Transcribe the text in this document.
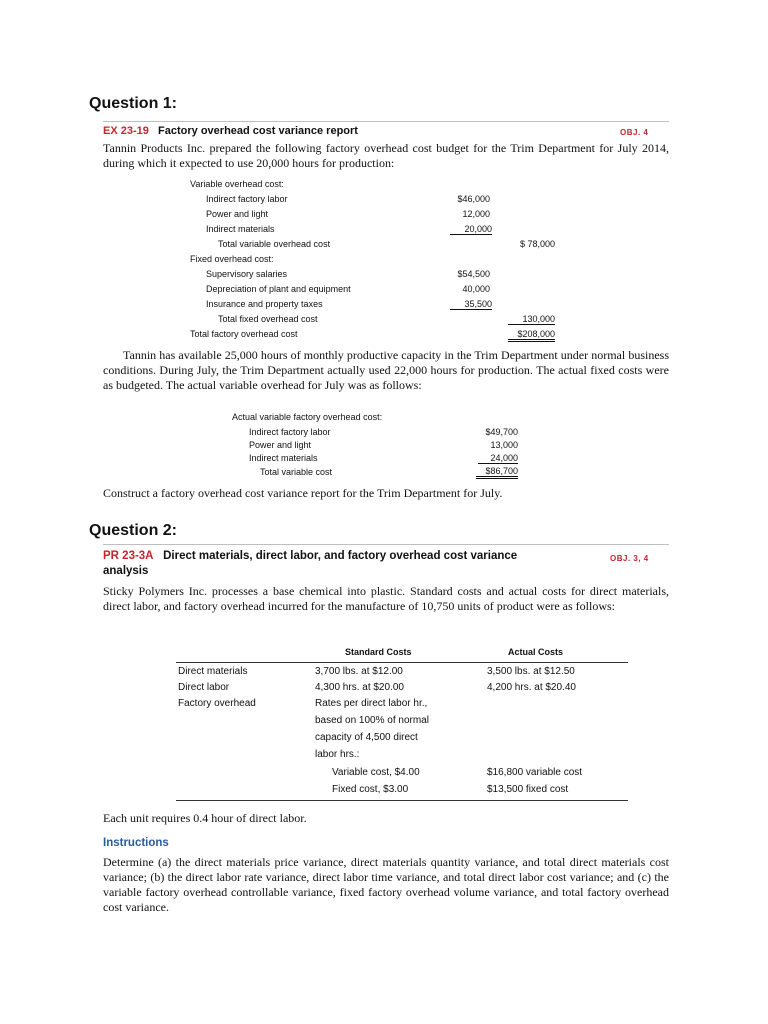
Question 1:
EX 23-19 Factory overhead cost variance report	OBJ. 4
Tannin Products Inc. prepared the following factory overhead cost budget for the Trim Department for July 2014, during which it expected to use 20,000 hours for production:
Variable overhead cost:
Indirect factory labor	$46,000
Power and light	12,000
Indirect materials	20,000
Total variable overhead cost	$ 78,000
Fixed overhead cost:
Supervisory salaries	$54,500
Depreciation of plant and equipment	40,000
Insurance and property taxes	35,500
Total fixed overhead cost	130,000
Total factory overhead cost	$208,000
Tannin has available 25,000 hours of monthly productive capacity in the Trim Department under normal business conditions. During July, the Trim Department actually used 22,000 hours for production. The actual fixed costs were as budgeted. The actual variable overhead for July was as follows:
Actual variable factory overhead cost:
Indirect factory labor	$49,700
Power and light	13,000
Indirect materials	24,000
Total variable cost	$86,700
Construct a factory overhead cost variance report for the Trim Department for July.
Question 2:
PR 23-3A Direct materials, direct labor, and factory overhead cost variance
analysis
OBJ. 3, 4
Sticky Polymers Inc. processes a base chemical into plastic. Standard costs and actual costs for direct materials, direct labor, and factory overhead incurred for the manufacture of 10,750 units of product were as follows:
Standard Costs	Actual Costs
Direct materials	3,700 lbs. at $12.00	3,500 lbs. at $12.50
Direct labor	4,300 hrs. at $20.00	4,200 hrs. at $20.40
Factory overhead	Rates per direct labor hr.,
based on 100% of normal
capacity of 4,500 direct
labor hrs.:
Variable cost, $4.00	$16,800 variable cost
Fixed cost, $3.00	$13,500 fixed cost
Each unit requires 0.4 hour of direct labor.
Instructions
Determine (a) the direct materials price variance, direct materials quantity variance, and total direct materials cost variance; (b) the direct labor rate variance, direct labor time variance, and total direct labor cost variance; and (c) the variable factory overhead controllable variance, fixed factory overhead volume variance, and total factory overhead cost variance.
